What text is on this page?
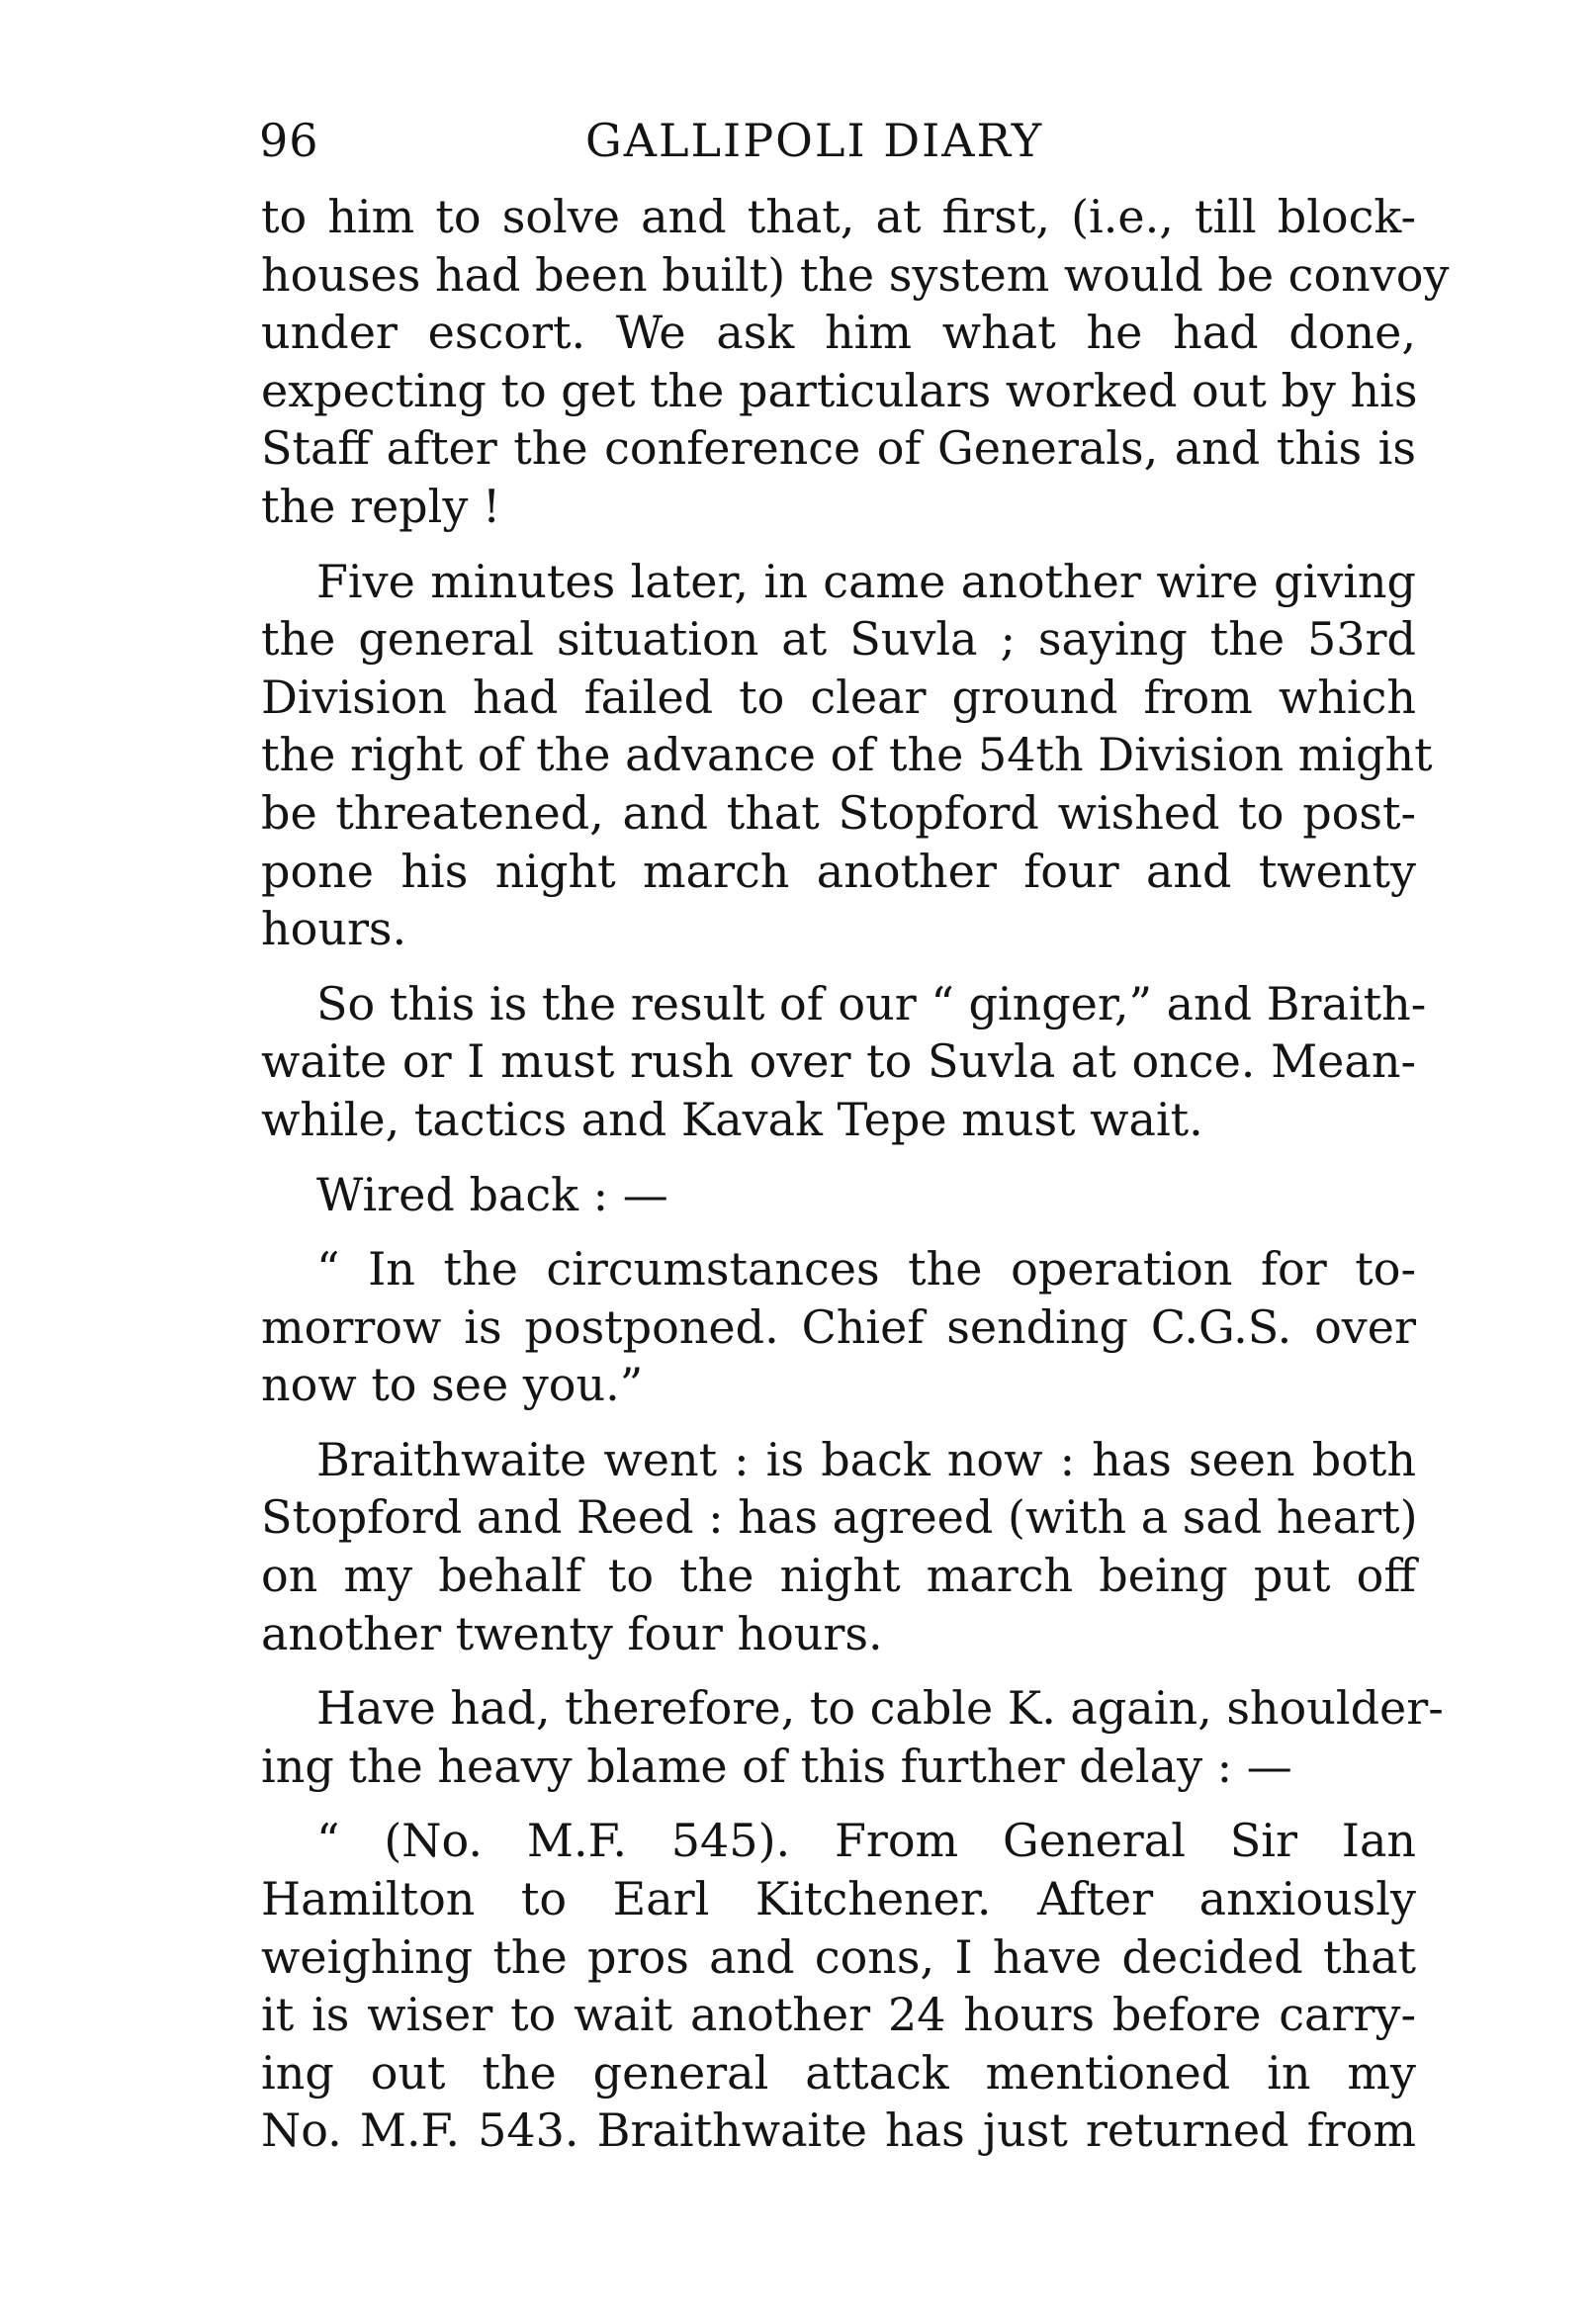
96	GALLIPOLI DIARY
to him to solve and that, at first, (i.e., till block-
houses had been built) the system would be convoy
under escort. We ask him what he had done,
expecting to get the particulars worked out by his
Staff after the conference of Generals, and this is
the reply !
Five minutes later, in came another wire giving
the general situation at Suvla ; saying the 53rd
Division had failed to clear ground from which
the right of the advance of the 54th Division might
be threatened, and that Stopford wished to post-
pone his night march another four and twenty
hours.
So this is the result of our “ ginger,” and Braith-
waite or I must rush over to Suvla at once. Mean-
while, tactics and Kavak Tepe must wait.
Wired back : —
“ In the circumstances the operation for to-
morrow is postponed. Chief sending C.G.S. over
now to see you.”
Braithwaite went : is back now : has seen both
Stopford and Reed : has agreed (with a sad heart)
on my behalf to the night march being put off
another twenty four hours.
Have had, therefore, to cable K. again, shoulder-
ing the heavy blame of this further delay : —
“ (No. M.F. 545). From General Sir Ian
Hamilton to Earl Kitchener. After anxiously
weighing the pros and cons, I have decided that
it is wiser to wait another 24 hours before carry-
ing out the general attack mentioned in my
No. M.F. 543. Braithwaite has just returned from
